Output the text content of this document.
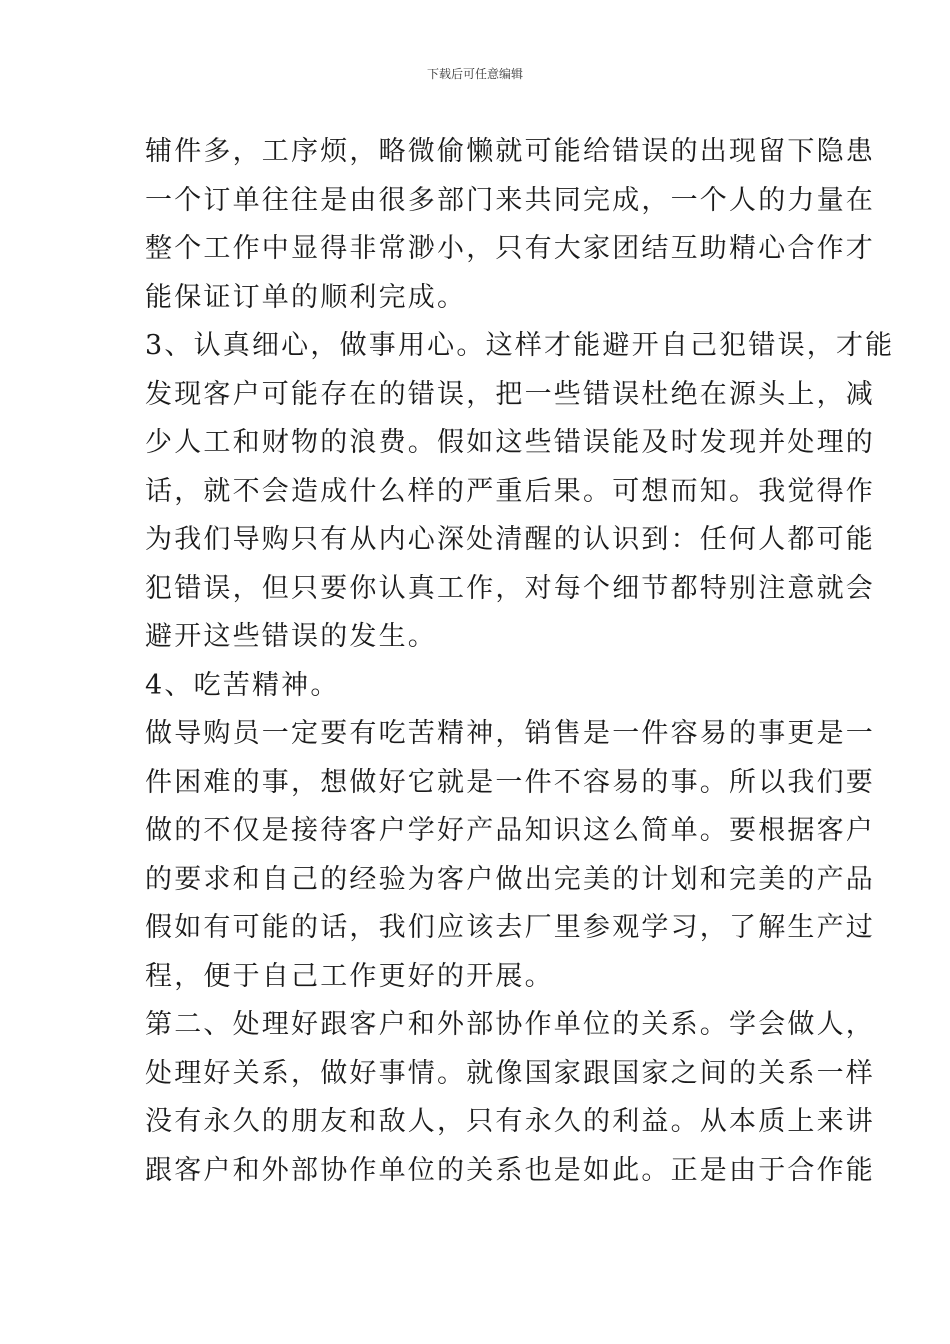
下载后可任意编辑
辅件多，工序烦，略微偷懒就可能给错误的出现留下隐患
一个订单往往是由很多部门来共同完成，一个人的力量在
整个工作中显得非常渺小，只有大家团结互助精心合作才
能保证订单的顺利完成。
3、认真细心，做事用心。这样才能避开自己犯错误，才能
发现客户可能存在的错误，把一些错误杜绝在源头上，减
少人工和财物的浪费。假如这些错误能及时发现并处理的
话，就不会造成什么样的严重后果。可想而知。我觉得作
为我们导购只有从内心深处清醒的认识到：任何人都可能
犯错误，但只要你认真工作，对每个细节都特别注意就会
避开这些错误的发生。
4、吃苦精神。
做导购员一定要有吃苦精神，销售是一件容易的事更是一
件困难的事，想做好它就是一件不容易的事。所以我们要
做的不仅是接待客户学好产品知识这么简单。要根据客户
的要求和自己的经验为客户做出完美的计划和完美的产品
假如有可能的话，我们应该去厂里参观学习，了解生产过
程，便于自己工作更好的开展。
第二、处理好跟客户和外部协作单位的关系。学会做人，
处理好关系，做好事情。就像国家跟国家之间的关系一样
没有永久的朋友和敌人，只有永久的利益。从本质上来讲
跟客户和外部协作单位的关系也是如此。正是由于合作能
